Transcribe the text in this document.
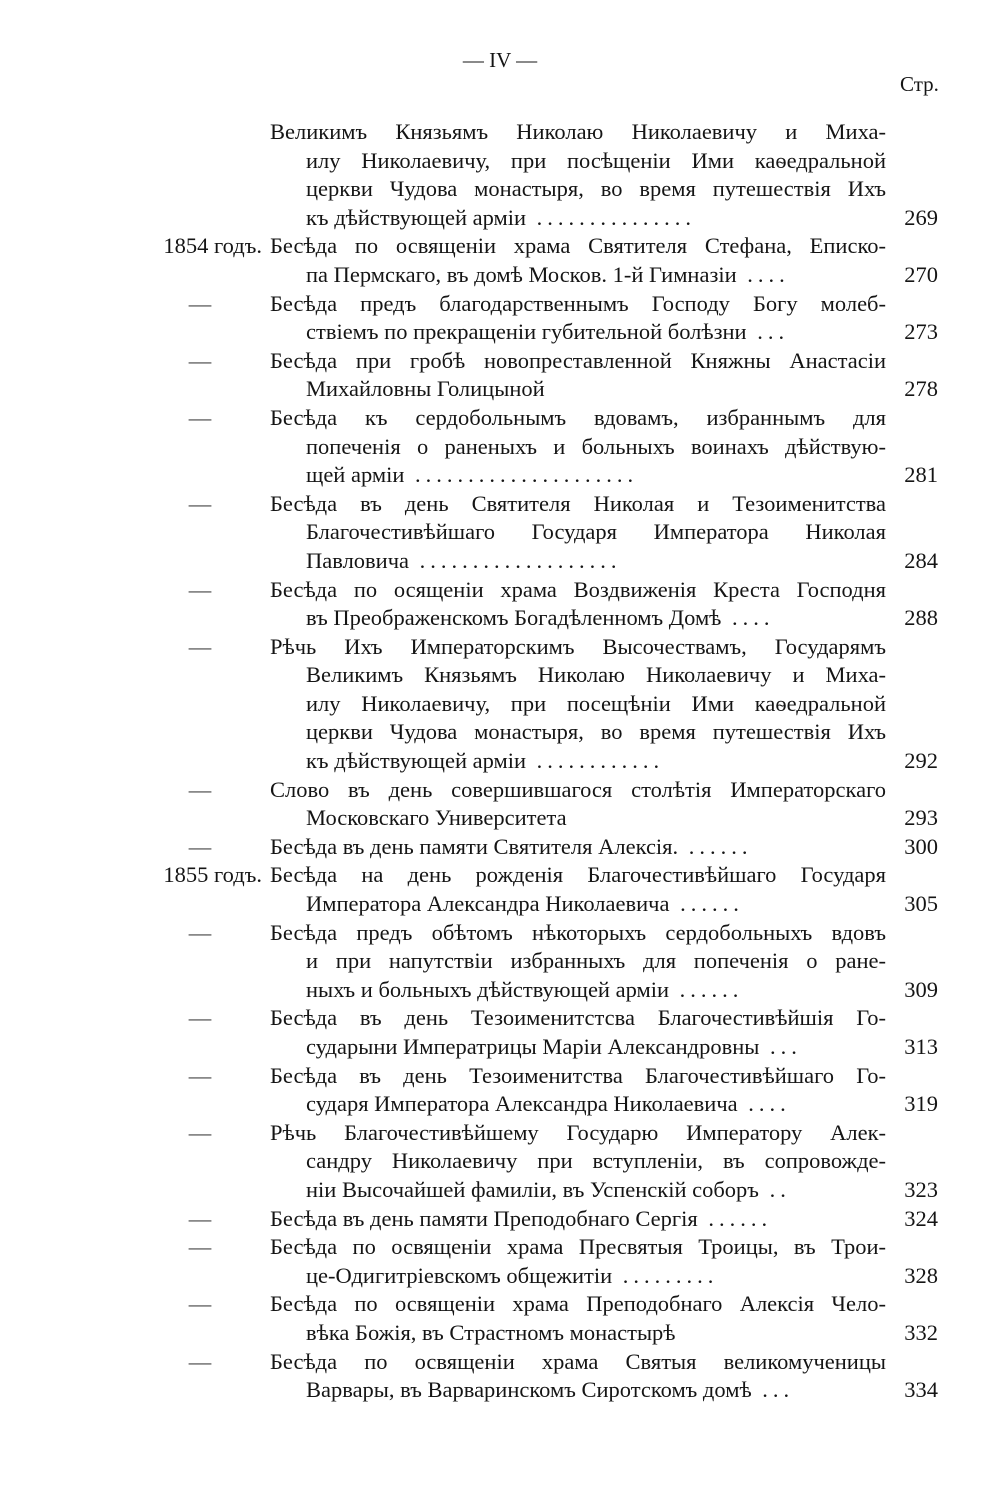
— IV —
Стр.
Великимъ Князьямъ Николаю Николаевичу и Миха-
илу Николаевичу, при посѣщеніи Ими каѳедральной
церкви Чудова монастыря, во время путешествія Ихъ
къ дѣйствующей арміи ...............	269
1854 годъ. Бесѣда по освященіи храма Святителя Стефана, Еписко-
па Пермскаго, въ домѣ Москов. 1-й Гимназіи ....	270
—	Бесѣда предъ благодарственнымъ Господу Богу молеб-
ствіемъ по прекращеніи губительной болѣзни ...	273
—	Бесѣда при гробѣ новопреставленной Княжны Анастасіи
Михайловны Голицыной	278
—	Бесѣда къ сердобольнымъ вдовамъ, избраннымъ для
попеченія о раненыхъ и больныхъ воинахъ дѣйствую-
щей арміи .....................	281
—	Бесѣда въ день Святителя Николая и Тезоименитства
Благочестивѣйшаго Государя Императора Николая
Павловича ...................	284
—	Бесѣда по осященіи храма Воздвиженія Креста Господня
въ Преображенскомъ Богадѣленномъ Домѣ ....	288
—	Рѣчь Ихъ Императорскимъ Высочествамъ, Государямъ
Великимъ Князьямъ Николаю Николаевичу и Миха-
илу Николаевичу, при посещѣніи Ими каѳедральной
церкви Чудова монастыря, во время путешествія Ихъ
къ дѣйствующей арміи ............	292
—	Слово въ день совершившагося столѣтія Императорскаго
Московскаго Университета	293
—	Бесѣда въ день памяти Святителя Алексія. ......	300
1855 годъ. Бесѣда на день рожденія Благочестивѣйшаго Государя
Императора Александра Николаевича ......	305
—	Бесѣда предъ обѣтомъ нѣкоторыхъ сердобольныхъ вдовъ
и при напутствіи избранныхъ для попеченія о ране-
ныхъ и больныхъ дѣйствующей арміи ......	309
—	Бесѣда въ день Тезоименитстсва Благочестивѣйшія Го-
сударыни Императрицы Маріи Александровны ...	313
—	Бесѣда въ день Тезоименитства Благочестивѣйшаго Го-
сударя Императора Александра Николаевича ....	319
—	Рѣчь Благочестивѣйшему Государю Императору Алек-
сандру Николаевичу при вступленіи, въ сопровожде-
ніи Высочайшей фамиліи, въ Успенскій соборъ ..	323
—	Бесѣда въ день памяти Преподобнаго Сергія ......	324
—	Бесѣда по освященіи храма Пресвятыя Троицы, въ Трои-
це-Одигитріевскомъ общежитіи .........	328
—	Бесѣда по освященіи храма Преподобнаго Алексія Чело-
вѣка Божія, въ Страстномъ монастырѣ	332
—	Бесѣда по освященіи храма Святыя великомученицы
Варвары, въ Варваринскомъ Сиротскомъ домѣ ...	334
